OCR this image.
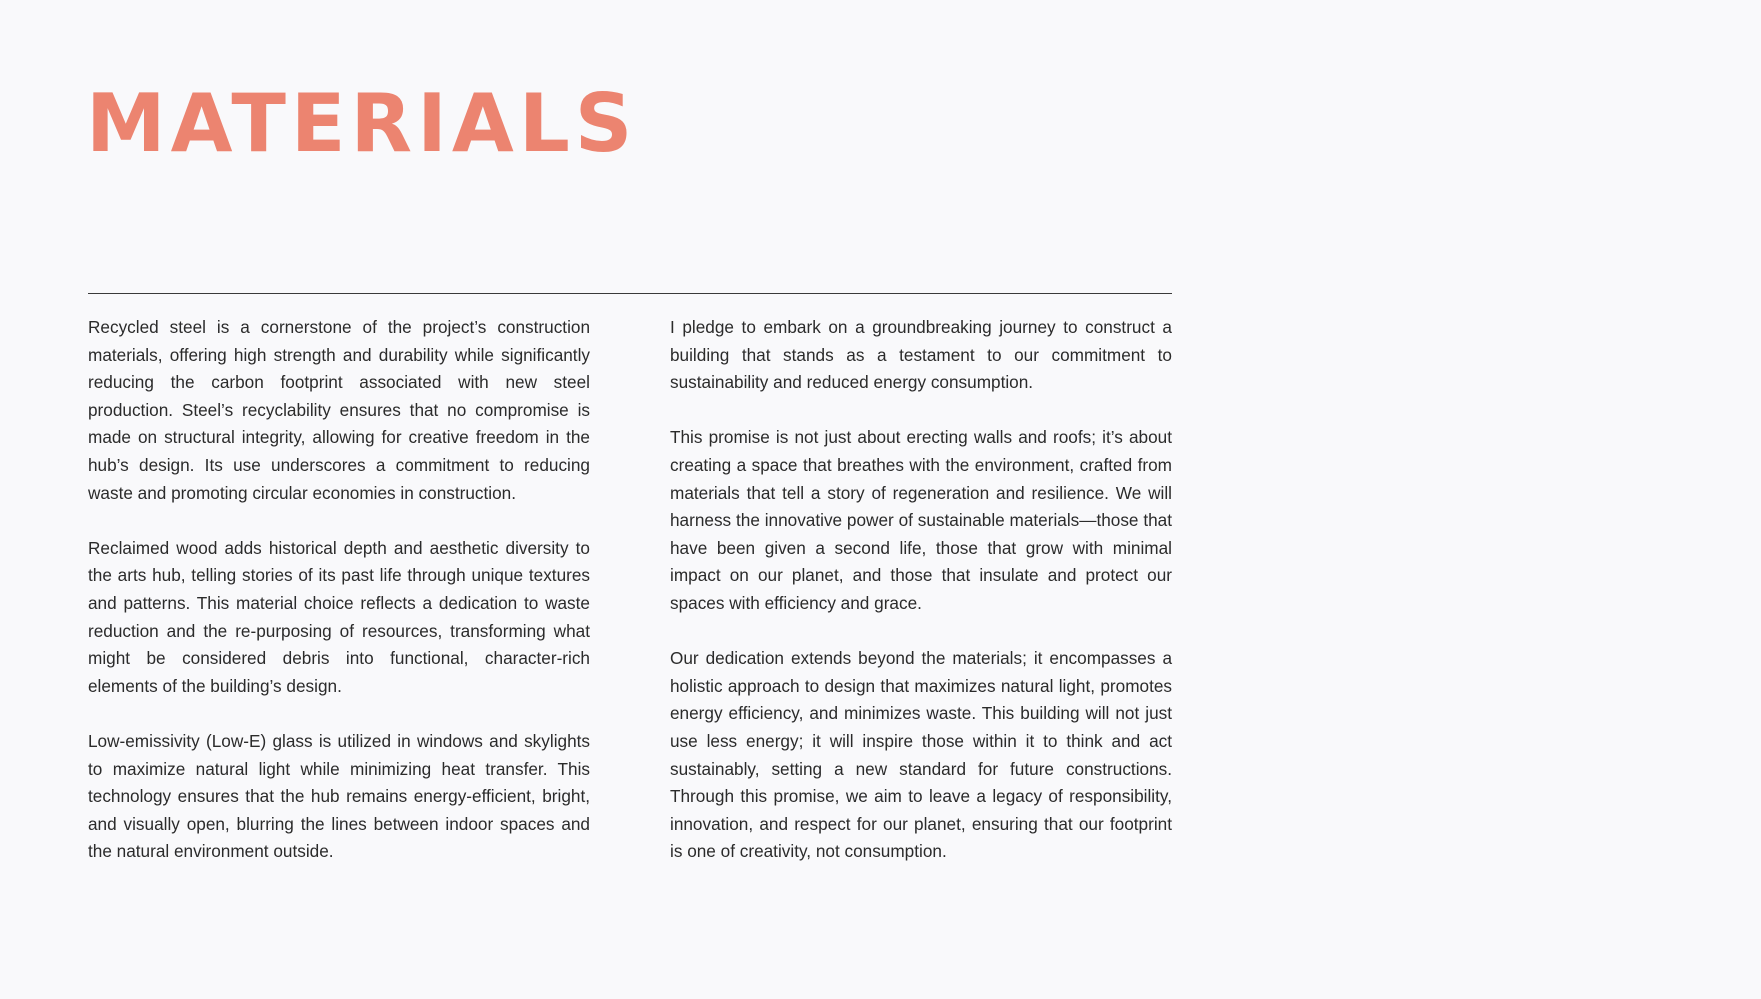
MATERIALS

Recycled steel is a cornerstone of the project’s construction materials, offering high strength and durability while significantly reducing the carbon footprint associated with new steel production. Steel’s recyclability ensures that no compromise is made on structural integrity, allowing for creative freedom in the hub’s design. Its use underscores a commitment to reducing waste and promoting circular economies in construction.

Reclaimed wood adds historical depth and aesthetic diversity to the arts hub, telling stories of its past life through unique textures and patterns. This material choice reflects a dedication to waste reduction and the re-purposing of resources, transforming what might be considered debris into functional, character-rich elements of the building’s design.

Low-emissivity (Low-E) glass is utilized in windows and skylights to maximize natural light while minimizing heat transfer. This technology ensures that the hub remains energy-efficient, bright, and visually open, blurring the lines between indoor spaces and the natural environment outside.

I pledge to embark on a groundbreaking journey to construct a building that stands as a testament to our commitment to sustainability and reduced energy consumption.

This promise is not just about erecting walls and roofs; it’s about creating a space that breathes with the environment, crafted from materials that tell a story of regeneration and resilience. We will harness the innovative power of sustainable materials—those that have been given a second life, those that grow with minimal impact on our planet, and those that insulate and protect our spaces with efficiency and grace.

Our dedication extends beyond the materials; it encompasses a holistic approach to design that maximizes natural light, promotes energy efficiency, and minimizes waste. This building will not just use less energy; it will inspire those within it to think and act sustainably, setting a new standard for future constructions. Through this promise, we aim to leave a legacy of responsibility, innovation, and respect for our planet, ensuring that our footprint is one of creativity, not consumption.
